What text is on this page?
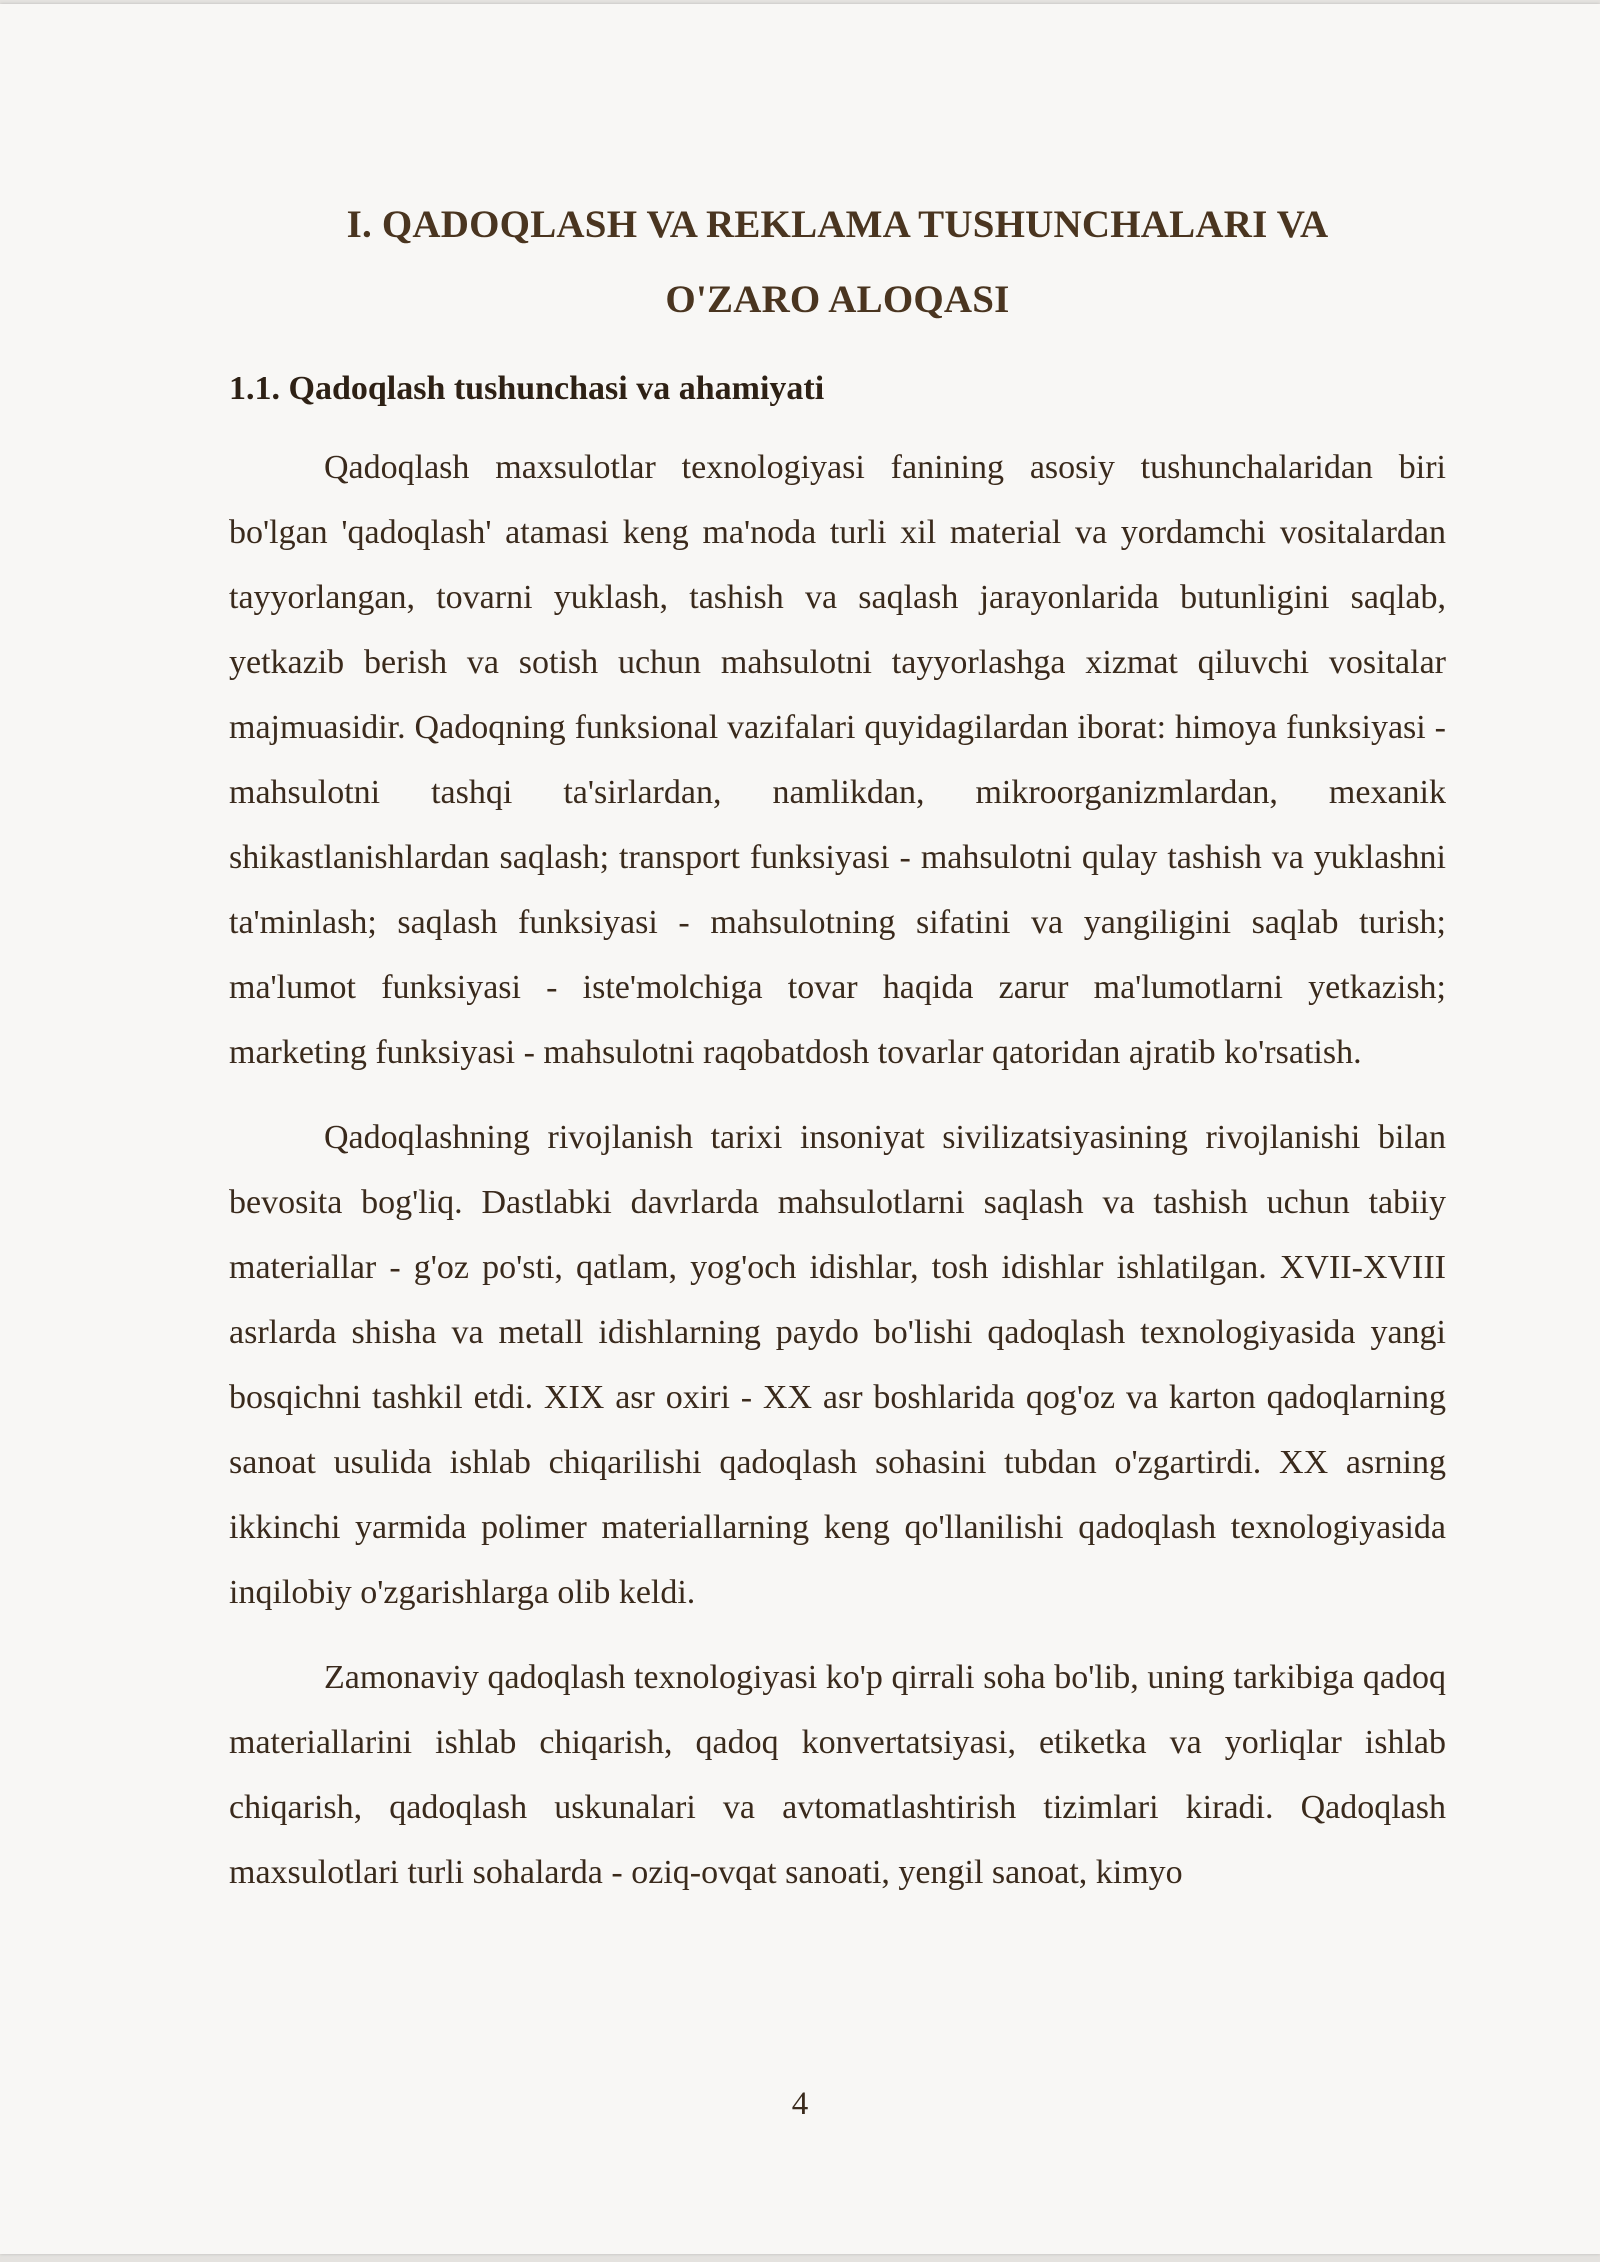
I. QADOQLASH VA REKLAMA TUSHUNCHALARI VA
O'ZARO ALOQASI
1.1. Qadoqlash tushunchasi va ahamiyati

Qadoqlash maxsulotlar texnologiyasi fanining asosiy tushunchalaridan biri bo'lgan 'qadoqlash' atamasi keng ma'noda turli xil material va yordamchi vositalardan tayyorlangan, tovarni yuklash, tashish va saqlash jarayonlarida butunligini saqlab, yetkazib berish va sotish uchun mahsulotni tayyorlashga xizmat qiluvchi vositalar majmuasidir. Qadoqning funksional vazifalari quyidagilardan iborat: himoya funksiyasi - mahsulotni tashqi ta'sirlardan, namlikdan, mikroorganizmlardan, mexanik shikastlanishlardan saqlash; transport funksiyasi - mahsulotni qulay tashish va yuklashni ta'minlash; saqlash funksiyasi - mahsulotning sifatini va yangiligini saqlab turish; ma'lumot funksiyasi - iste'molchiga tovar haqida zarur ma'lumotlarni yetkazish; marketing funksiyasi - mahsulotni raqobatdosh tovarlar qatoridan ajratib ko'rsatish.

Qadoqlashning rivojlanish tarixi insoniyat sivilizatsiyasining rivojlanishi bilan bevosita bog'liq. Dastlabki davrlarda mahsulotlarni saqlash va tashish uchun tabiiy materiallar - g'oz po'sti, qatlam, yog'och idishlar, tosh idishlar ishlatilgan. XVII-XVIII asrlarda shisha va metall idishlarning paydo bo'lishi qadoqlash texnologiyasida yangi bosqichni tashkil etdi. XIX asr oxiri - XX asr boshlarida qog'oz va karton qadoqlarning sanoat usulida ishlab chiqarilishi qadoqlash sohasini tubdan o'zgartirdi. XX asrning ikkinchi yarmida polimer materiallarning keng qo'llanilishi qadoqlash texnologiyasida inqilobiy o'zgarishlarga olib keldi.

Zamonaviy qadoqlash texnologiyasi ko'p qirrali soha bo'lib, uning tarkibiga qadoq materiallarini ishlab chiqarish, qadoq konvertatsiyasi, etiketka va yorliqlar ishlab chiqarish, qadoqlash uskunalari va avtomatlashtirish tizimlari kiradi. Qadoqlash maxsulotlari turli sohalarda - oziq-ovqat sanoati, yengil sanoat, kimyo

4
